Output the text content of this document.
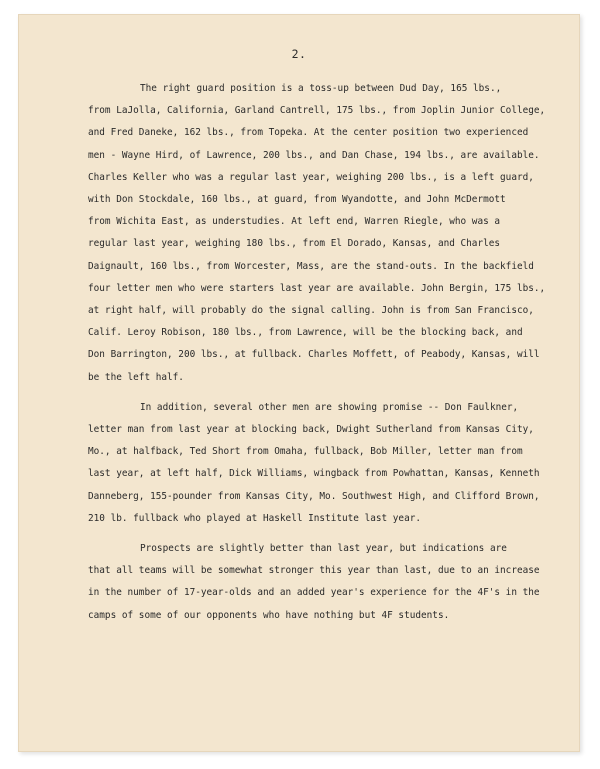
2.
The right guard position is a toss-up between Dud Day, 165 lbs.,
from LaJolla, California, Garland Cantrell, 175 lbs., from Joplin Junior College,
and Fred Daneke, 162 lbs., from Topeka. At the center position two experienced
men - Wayne Hird, of Lawrence, 200 lbs., and Dan Chase, 194 lbs., are available.
Charles Keller who was a regular last year, weighing 200 lbs., is a left guard,
with Don Stockdale, 160 lbs., at guard, from Wyandotte, and John McDermott
from Wichita East, as understudies. At left end, Warren Riegle, who was a
regular last year, weighing 180 lbs., from El Dorado, Kansas, and Charles
Daignault, 160 lbs., from Worcester, Mass, are the stand-outs. In the backfield
four letter men who were starters last year are available. John Bergin, 175 lbs.,
at right half, will probably do the signal calling. John is from San Francisco,
Calif. Leroy Robison, 180 lbs., from Lawrence, will be the blocking back, and
Don Barrington, 200 lbs., at fullback. Charles Moffett, of Peabody, Kansas, will
be the left half.
In addition, several other men are showing promise -- Don Faulkner,
letter man from last year at blocking back, Dwight Sutherland from Kansas City,
Mo., at halfback, Ted Short from Omaha, fullback, Bob Miller, letter man from
last year, at left half, Dick Williams, wingback from Powhattan, Kansas, Kenneth
Danneberg, 155-pounder from Kansas City, Mo. Southwest High, and Clifford Brown,
210 lb. fullback who played at Haskell Institute last year.
Prospects are slightly better than last year, but indications are
that all teams will be somewhat stronger this year than last, due to an increase
in the number of 17-year-olds and an added year's experience for the 4F's in the
camps of some of our opponents who have nothing but 4F students.
